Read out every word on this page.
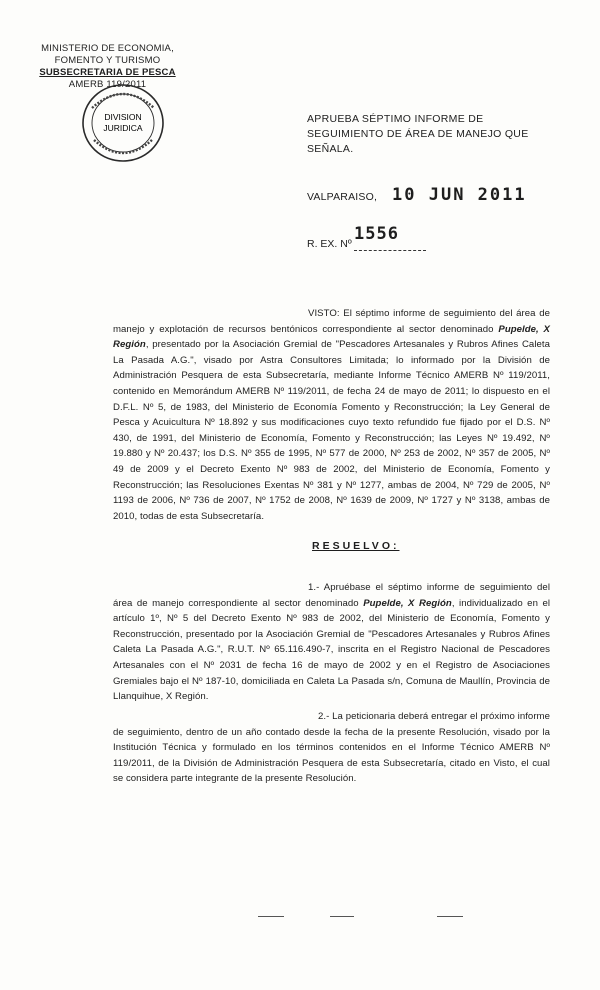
MINISTERIO DE ECONOMIA,
FOMENTO Y TURISMO
SUBSECRETARIA DE PESCA
AMERB 119/2011
DIVISION
JURIDICA
APRUEBA SÉPTIMO INFORME DE SEGUIMIENTO DE ÁREA DE MANEJO QUE SEÑALA.
VALPARAISO, 10 JUN 2011
R. EX. Nº 1556
VISTO: El séptimo informe de seguimiento del área de manejo y explotación de recursos bentónicos correspondiente al sector denominado Pupelde, X Región, presentado por la Asociación Gremial de "Pescadores Artesanales y Rubros Afines Caleta La Pasada A.G.", visado por Astra Consultores Limitada; lo informado por la División de Administración Pesquera de esta Subsecretaría, mediante Informe Técnico AMERB Nº 119/2011, contenido en Memorándum AMERB Nº 119/2011, de fecha 24 de mayo de 2011; lo dispuesto en el D.F.L. Nº 5, de 1983, del Ministerio de Economía Fomento y Reconstrucción; la Ley General de Pesca y Acuicultura Nº 18.892 y sus modificaciones cuyo texto refundido fue fijado por el D.S. Nº 430, de 1991, del Ministerio de Economía, Fomento y Reconstrucción; las Leyes Nº 19.492, Nº 19.880 y Nº 20.437; los D.S. Nº 355 de 1995, Nº 577 de 2000, Nº 253 de 2002, Nº 357 de 2005, Nº 49 de 2009 y el Decreto Exento Nº 983 de 2002, del Ministerio de Economía, Fomento y Reconstrucción; las Resoluciones Exentas Nº 381 y Nº 1277, ambas de 2004, Nº 729 de 2005, Nº 1193 de 2006, Nº 736 de 2007, Nº 1752 de 2008, Nº 1639 de 2009, Nº 1727 y Nº 3138, ambas de 2010, todas de esta Subsecretaría.
RESUELVO:
1.- Apruébase el séptimo informe de seguimiento del área de manejo correspondiente al sector denominado Pupelde, X Región, individualizado en el artículo 1º, Nº 5 del Decreto Exento Nº 983 de 2002, del Ministerio de Economía, Fomento y Reconstrucción, presentado por la Asociación Gremial de "Pescadores Artesanales y Rubros Afines Caleta La Pasada A.G.", R.U.T. Nº 65.116.490-7, inscrita en el Registro Nacional de Pescadores Artesanales con el Nº 2031 de fecha 16 de mayo de 2002 y en el Registro de Asociaciones Gremiales bajo el Nº 187-10, domiciliada en Caleta La Pasada s/n, Comuna de Maullín, Provincia de Llanquihue, X Región.
2.- La peticionaria deberá entregar el próximo informe de seguimiento, dentro de un año contado desde la fecha de la presente Resolución, visado por la Institución Técnica y formulado en los términos contenidos en el Informe Técnico AMERB Nº 119/2011, de la División de Administración Pesquera de esta Subsecretaría, citado en Visto, el cual se considera parte integrante de la presente Resolución.
